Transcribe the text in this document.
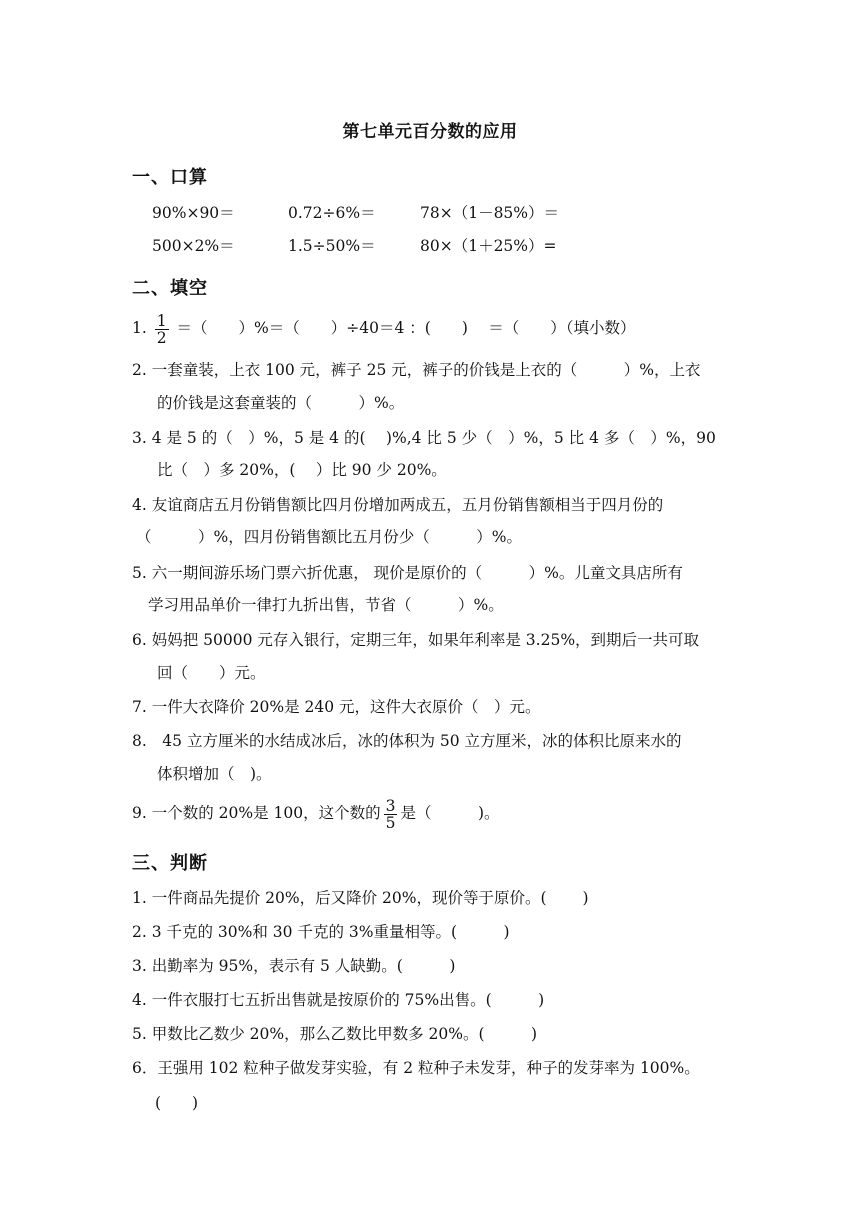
第七单元百分数的应用
一、口算
90%×90＝	0.72÷6%＝	78×（1－85%）＝
500×2%＝	1.5÷50%＝	80×（1＋25%）=
二、填空
1. $\frac{1}{2}$ ＝（　　）%＝（　　）÷40＝4 ：(　　)　 ＝（　　）（填小数）
2. 一套童装，上衣 100 元，裤子 25 元，裤子的价钱是上衣的（　　　）%，上衣
的价钱是这套童装的（　　　）%。
3. 4 是 5 的（　）%，5 是 4 的(　 )%,4 比 5 少（　）%，5 比 4 多（　）%，90
比（　）多 20%，(　 ）比 90 少 20%。
4. 友谊商店五月份销售额比四月份增加两成五，五月份销售额相当于四月份的
（　　　）%，四月份销售额比五月份少（　　　）%。
5. 六一期间游乐场门票六折优惠， 现价是原价的（　　　）%。儿童文具店所有
学习用品单价一律打九折出售，节省（　　　）%。
6. 妈妈把 50000 元存入银行，定期三年，如果年利率是 3.25%，到期后一共可取
回（　　）元。
7. 一件大衣降价 20%是 240 元，这件大衣原价（　）元。
8.　45 立方厘米的水结成冰后，冰的体积为 50 立方厘米，冰的体积比原来水的
体积增加（　)。
9. 一个数的 20%是 100，这个数的 $\frac{3}{5}$ 是（　　　)。
三、判断
1. 一件商品先提价 20%，后又降价 20%，现价等于原价。(　　 )
2. 3 千克的 30%和 30 千克的 3%重量相等。(　　　)
3. 出勤率为 95%，表示有 5 人缺勤。(　　　)
4. 一件衣服打七五折出售就是按原价的 75%出售。(　　　)
5. 甲数比乙数少 20%，那么乙数比甲数多 20%。(　　　)
6．王强用 102 粒种子做发芽实验，有 2 粒种子未发芽，种子的发芽率为 100%。
(　　)
